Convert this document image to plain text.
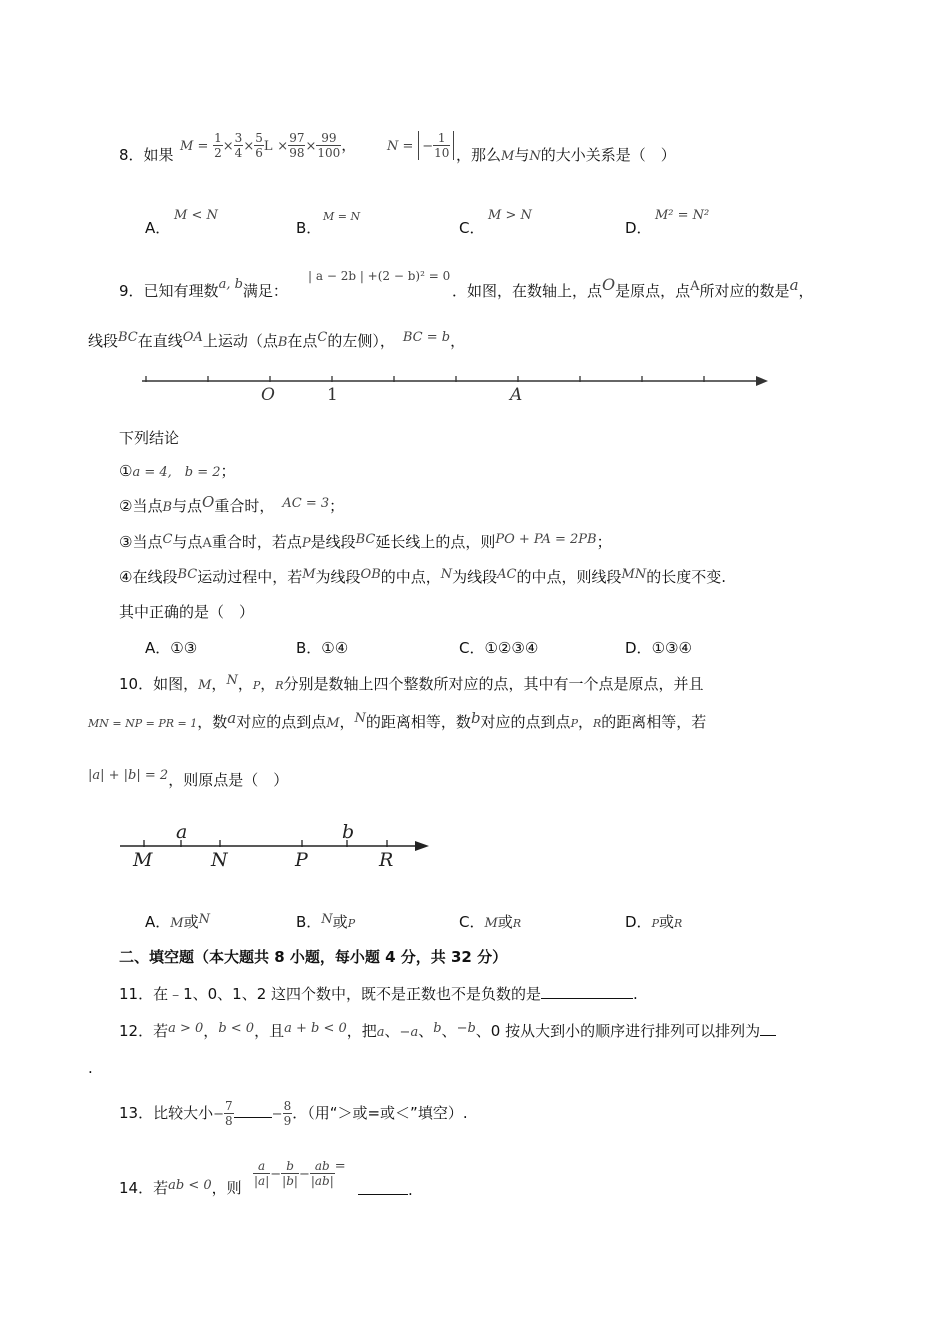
8．如果 $M = \frac{1}{2} \times \frac{3}{4} \times \frac{5}{6}$ $L \times \frac{97}{98} \times \frac{99}{100}$ ， N = − $\frac{1}{10}$ ，那么M与N的大小关系是（　）
A．
M < N
B．
M = N
C．
M > N
D．
M² = N²
9．已知有理数a, b满足：
| a − 2b | +(2 − b)² = 0
．如图，在数轴上，点O是原点，点A所对应的数是a，
线段BC在直线OA上运动（点B在点C的左侧）， BC = b，
O	1	A
下列结论
①a = 4,　b = 2；
②当点B与点O重合时， AC = 3；
③当点C与点A重合时，若点P是线段BC延长线上的点，则PO + PA = 2PB；
④在线段BC运动过程中，若M为线段OB的中点，N为线段AC的中点，则线段MN的长度不变.
其中正确的是（　）
A．①③	B．①④	C．①②③④	D．①③④
10．如图，M，N，P，R分别是数轴上四个整数所对应的点，其中有一个点是原点，并且
MN = NP = PR = 1，数a对应的点到点M，N的距离相等，数b对应的点到点P，R的距离相等，若
|a| + |b| = 2，则原点是（　）
a	b
M	N	P	R
A．M或N	B．N或P	C．M或R	D．P或R
二、填空题（本大题共 8 小题，每小题 4 分，共 32 分）
11．在﹣1、0、1、2 这四个数中，既不是正数也不是负数的是	.
12．若a > 0，b < 0，且a + b < 0，把a、−a、b、−b、0 按从大到小的顺序进行排列可以排列为
.
13．比较大小− $\frac{7}{8}$	− $\frac{8}{9}$ ．（用“＞或=或＜”填空）.
14．若ab < 0，则 $\frac{a}{|a|} - \frac{b}{|b|} - \frac{ab}{|ab|}$ =
.
